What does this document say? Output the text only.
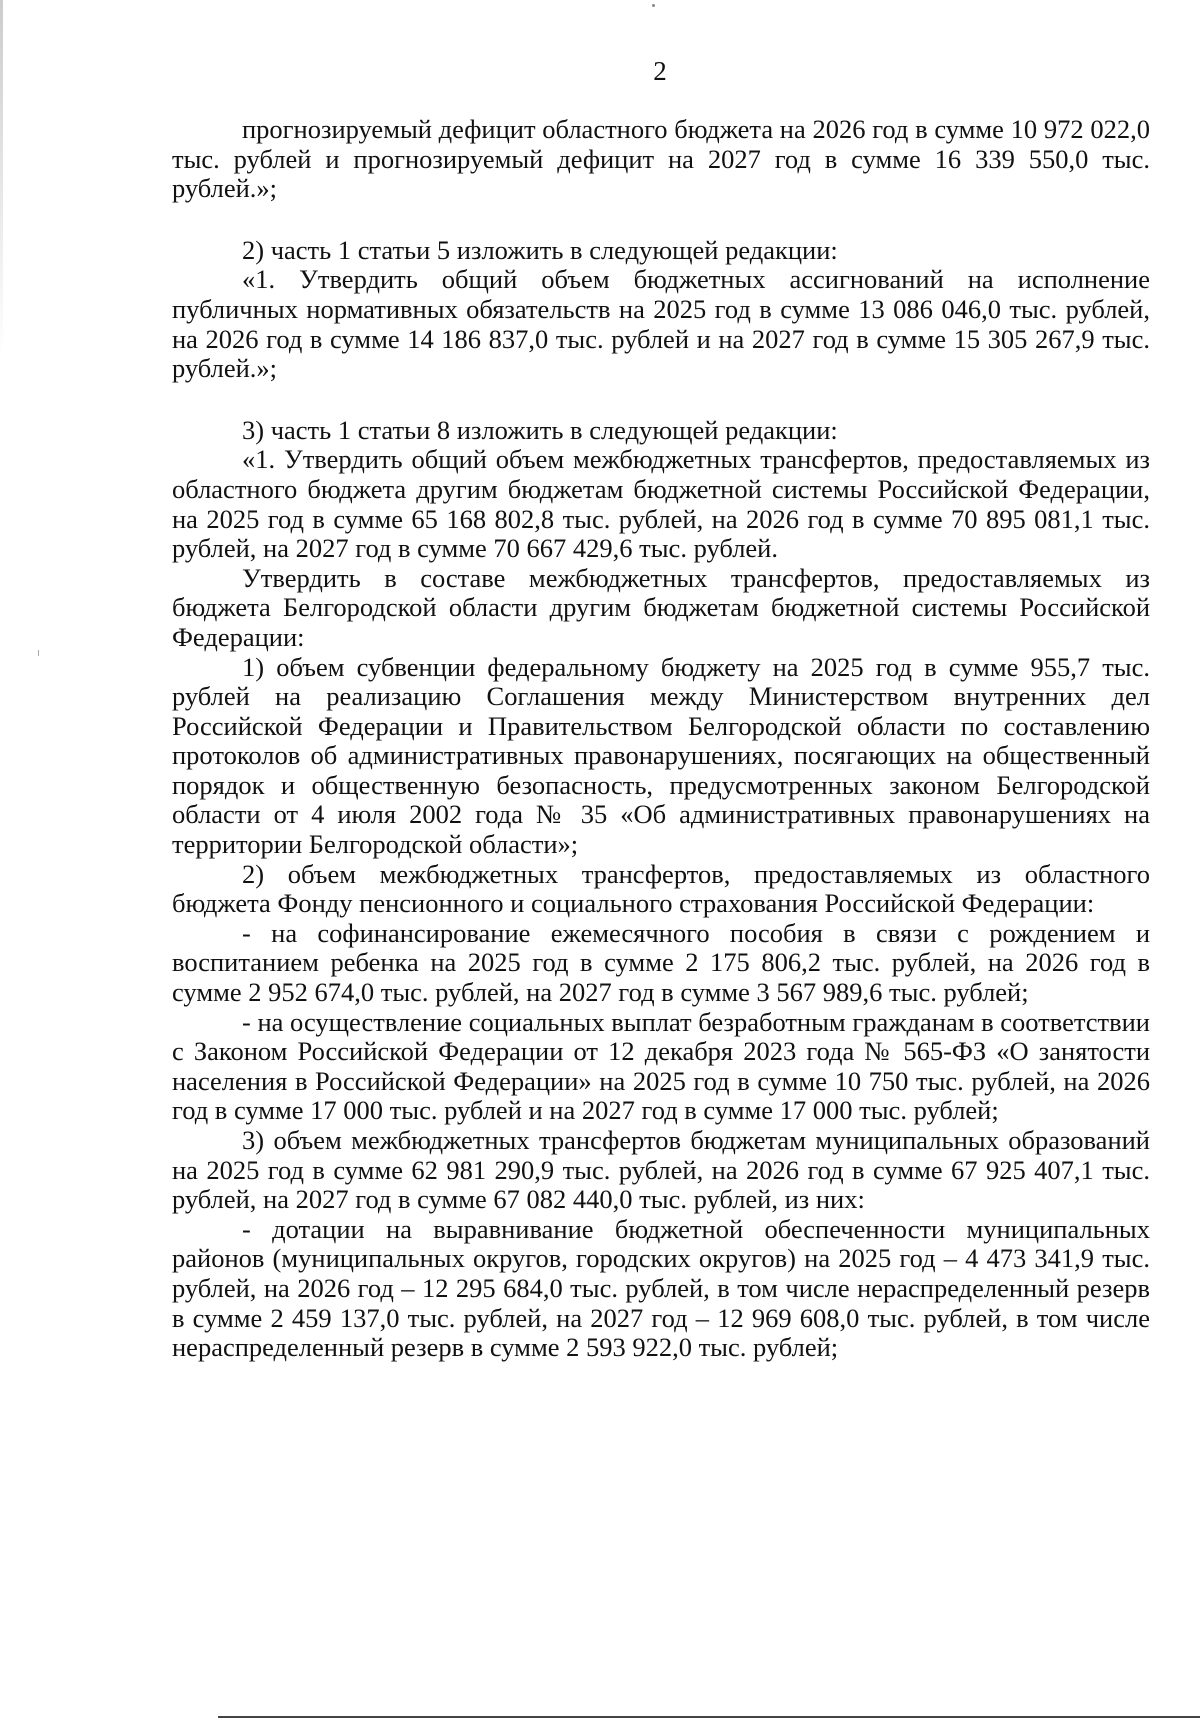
2

прогнозируемый дефицит областного бюджета на 2026 год в сумме 10 972 022,0 тыс. рублей и прогнозируемый дефицит на 2027 год в сумме 16 339 550,0 тыс. рублей.»;

2) часть 1 статьи 5 изложить в следующей редакции:

«1. Утвердить общий объем бюджетных ассигнований на исполнение публичных нормативных обязательств на 2025 год в сумме 13 086 046,0 тыс. рублей, на 2026 год в сумме 14 186 837,0 тыс. рублей и на 2027 год в сумме 15 305 267,9 тыс. рублей.»;

3) часть 1 статьи 8 изложить в следующей редакции:

«1. Утвердить общий объем межбюджетных трансфертов, предоставляемых из областного бюджета другим бюджетам бюджетной системы Российской Федерации, на 2025 год в сумме 65 168 802,8 тыс. рублей, на 2026 год в сумме 70 895 081,1 тыс. рублей, на 2027 год в сумме 70 667 429,6 тыс. рублей.

Утвердить в составе межбюджетных трансфертов, предоставляемых из бюджета Белгородской области другим бюджетам бюджетной системы Российской Федерации:

1) объем субвенции федеральному бюджету на 2025 год в сумме 955,7 тыс. рублей на реализацию Соглашения между Министерством внутренних дел Российской Федерации и Правительством Белгородской области по составлению протоколов об административных правонарушениях, посягающих на общественный порядок и общественную безопасность, предусмотренных законом Белгородской области от 4 июля 2002 года № 35 «Об административных правонарушениях на территории Белгородской области»;

2) объем межбюджетных трансфертов, предоставляемых из областного бюджета Фонду пенсионного и социального страхования Российской Федерации:

- на софинансирование ежемесячного пособия в связи с рождением и воспитанием ребенка на 2025 год в сумме 2 175 806,2 тыс. рублей, на 2026 год в сумме 2 952 674,0 тыс. рублей, на 2027 год в сумме 3 567 989,6 тыс. рублей;

- на осуществление социальных выплат безработным гражданам в соответствии с Законом Российской Федерации от 12 декабря 2023 года № 565-ФЗ «О занятости населения в Российской Федерации» на 2025 год в сумме 10 750 тыс. рублей, на 2026 год в сумме 17 000 тыс. рублей и на 2027 год в сумме 17 000 тыс. рублей;

3) объем межбюджетных трансфертов бюджетам муниципальных образований на 2025 год в сумме 62 981 290,9 тыс. рублей, на 2026 год в сумме 67 925 407,1 тыс. рублей, на 2027 год в сумме 67 082 440,0 тыс. рублей, из них:

- дотации на выравнивание бюджетной обеспеченности муниципальных районов (муниципальных округов, городских округов) на 2025 год – 4 473 341,9 тыс. рублей, на 2026 год – 12 295 684,0 тыс. рублей, в том числе нераспределенный резерв в сумме 2 459 137,0 тыс. рублей, на 2027 год – 12 969 608,0 тыс. рублей, в том числе нераспределенный резерв в сумме 2 593 922,0 тыс. рублей;
